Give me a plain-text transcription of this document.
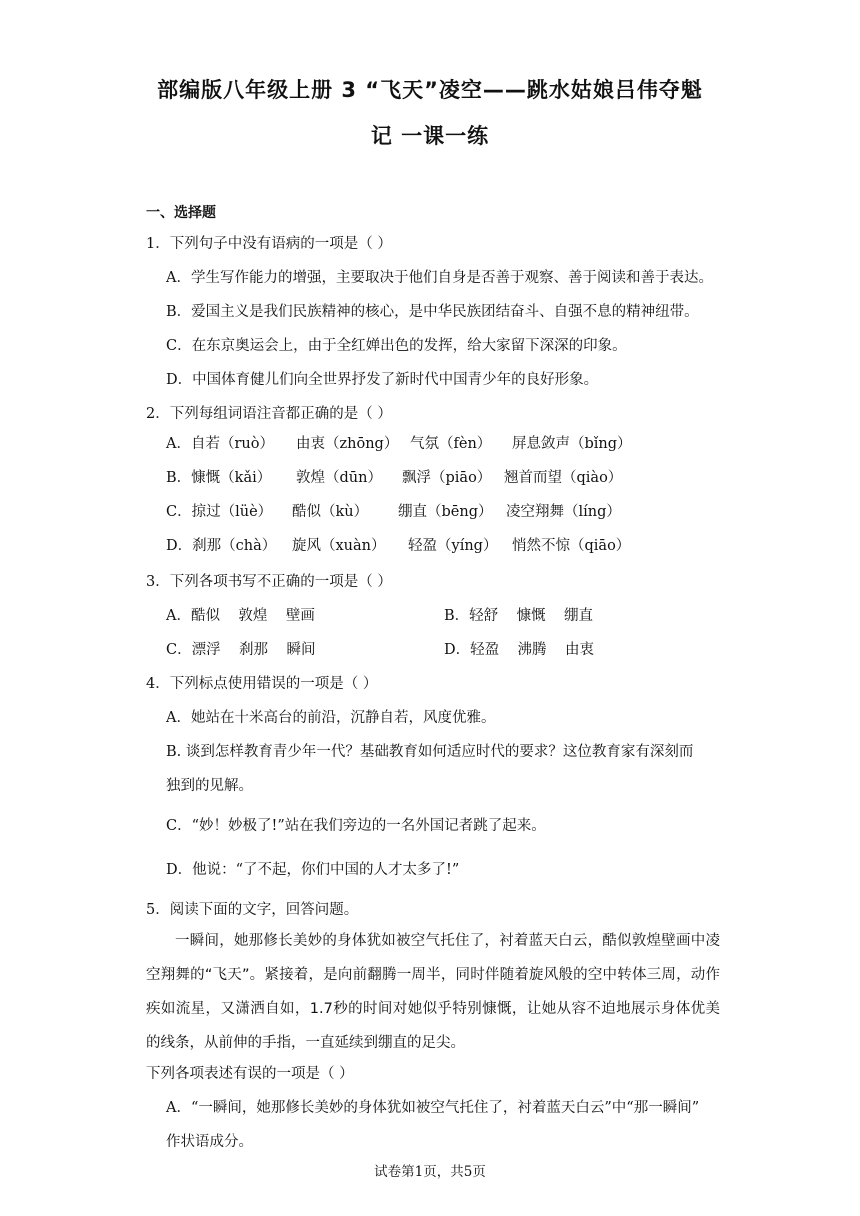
部编版八年级上册 3 “飞天”凌空——跳水姑娘吕伟夺魁
记 一课一练
一、选择题
1．下列句子中没有语病的一项是（ ）
A．学生写作能力的增强，主要取决于他们自身是否善于观察、善于阅读和善于表达。
B．爱国主义是我们民族精神的核心，是中华民族团结奋斗、自强不息的精神纽带。
C．在东京奥运会上，由于全红婵出色的发挥，给大家留下深深的印象。
D．中国体育健儿们向全世界抒发了新时代中国青少年的良好形象。
2．下列每组词语注音都正确的是（ ）
A．自若（ruò） 由衷（zhōng） 气氛（fèn） 屏息敛声（bǐng）
B．慷慨（kǎi） 敦煌（dūn） 飘浮（piāo） 翘首而望（qiào）
C．掠过（lüè） 酷似（kù） 绷直（bēng） 凌空翔舞（líng）
D．刹那（chà） 旋风（xuàn） 轻盈（yíng） 悄然不惊（qiāo）
3．下列各项书写不正确的一项是（ ）
A．酷似    敦煌    壁画	B．轻舒    慷慨    绷直
C．漂浮    刹那    瞬间	D．轻盈    沸腾    由衷
4．下列标点使用错误的一项是（ ）
A．她站在十米高台的前沿，沉静自若，风度优雅。
B. 谈到怎样教育青少年一代？基础教育如何适应时代的要求？这位教育家有深刻而
独到的见解。
C．“妙！妙极了!”站在我们旁边的一名外国记者跳了起来。
D．他说：“了不起，你们中国的人才太多了!”
5．阅读下面的文字，回答问题。
一瞬间，她那修长美妙的身体犹如被空气托住了，衬着蓝天白云，酷似敦煌壁画中凌空翔舞的“飞天”。紧接着，是向前翻腾一周半，同时伴随着旋风般的空中转体三周，动作疾如流星，又潇洒自如，1.7秒的时间对她似乎特别慷慨，让她从容不迫地展示身体优美的线条，从前伸的手指，一直延续到绷直的足尖。
下列各项表述有误的一项是（ ）
A．“一瞬间，她那修长美妙的身体犹如被空气托住了，衬着蓝天白云”中“那一瞬间”
作状语成分。
试卷第1页，共5页
